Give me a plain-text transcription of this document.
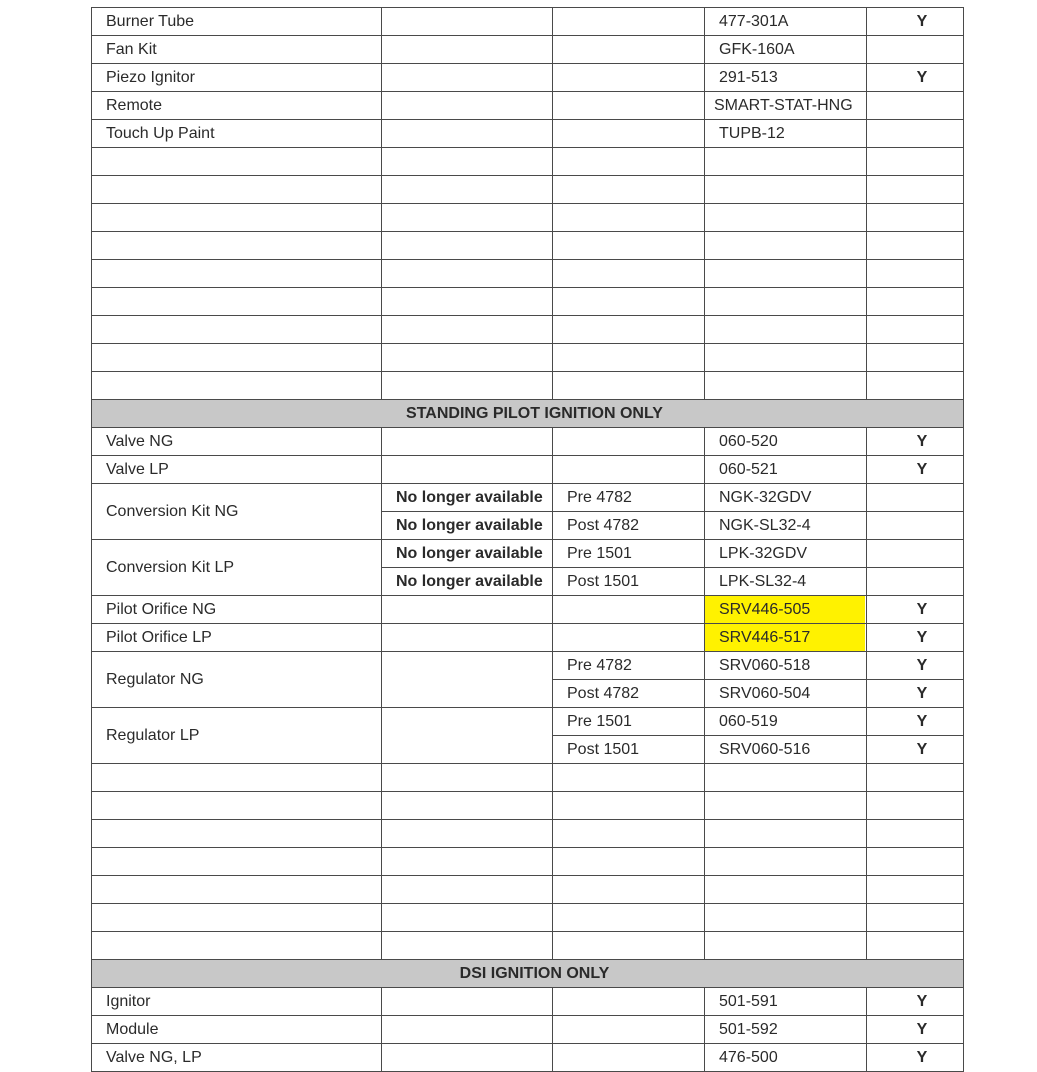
Burner Tube			477-301A	Y
Fan Kit			GFK-160A	
Piezo Ignitor			291-513	Y
Remote			SMART-STAT-HNG	
Touch Up Paint			TUPB-12	

STANDING PILOT IGNITION ONLY				
Valve NG			060-520	Y
Valve LP			060-521	Y
Conversion Kit NG	No longer available	Pre 4782	NGK-32GDV	
	No longer available	Post 4782	NGK-SL32-4	
Conversion Kit LP	No longer available	Pre 1501	LPK-32GDV	
	No longer available	Post 1501	LPK-SL32-4	
Pilot Orifice NG			SRV446-505	Y
Pilot Orifice LP			SRV446-517	Y
Regulator NG		Pre 4782	SRV060-518	Y
		Post 4782	SRV060-504	Y
Regulator LP		Pre 1501	060-519	Y
		Post 1501	SRV060-516	Y

DSI IGNITION ONLY				
Ignitor			501-591	Y
Module			501-592	Y
Valve NG, LP			476-500	Y
